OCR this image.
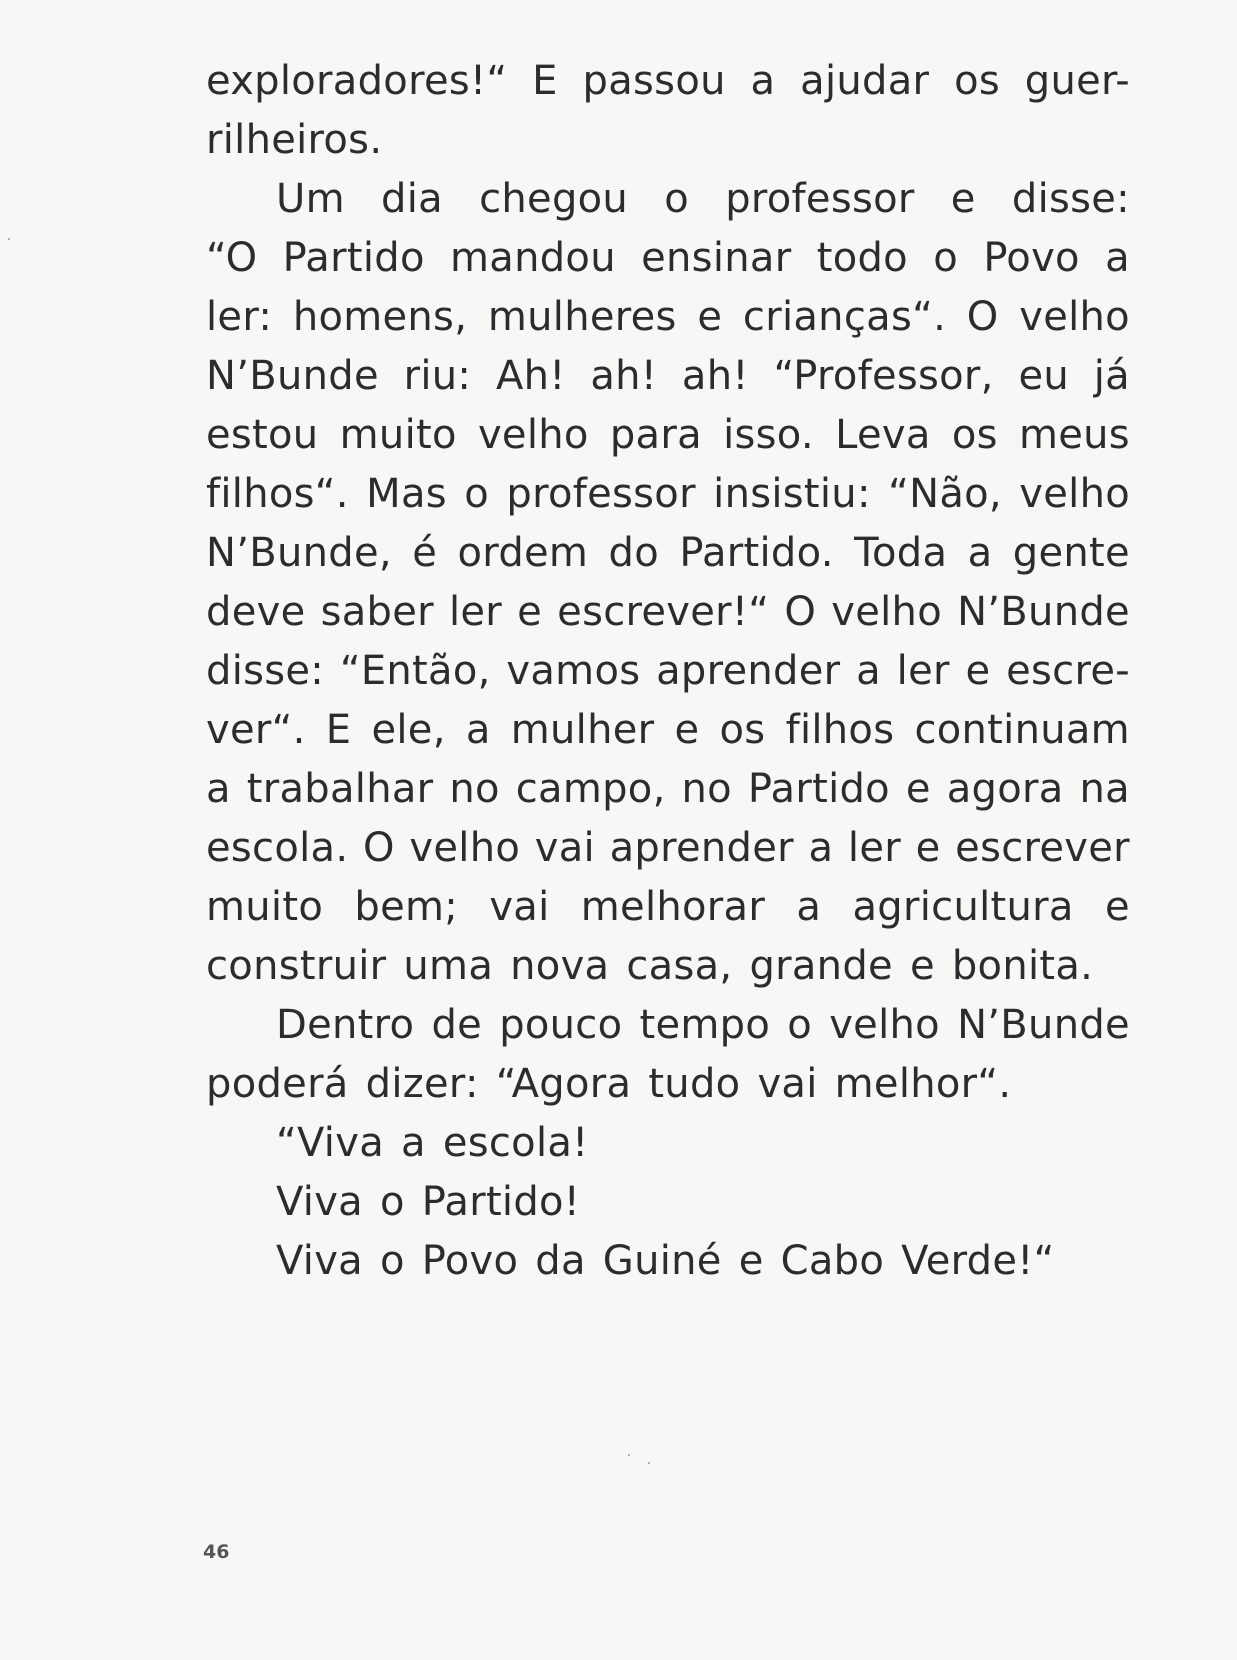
exploradores!“ E passou a ajudar os guer-
rilheiros.
Um dia chegou o professor e disse:
“O Partido mandou ensinar todo o Povo a
ler: homens, mulheres e crianças“. O velho
N’Bunde riu: Ah! ah! ah! “Professor, eu já
estou muito velho para isso. Leva os meus
filhos“. Mas o professor insistiu: “Não, velho
N’Bunde, é ordem do Partido. Toda a gente
deve saber ler e escrever!“ O velho N’Bunde
disse: “Então, vamos aprender a ler e escre-
ver“. E ele, a mulher e os filhos continuam
a trabalhar no campo, no Partido e agora na
escola. O velho vai aprender a ler e escrever
muito bem; vai melhorar a agricultura e
construir uma nova casa, grande e bonita.
Dentro de pouco tempo o velho N’Bunde
poderá dizer: “Agora tudo vai melhor“.
“Viva a escola!
Viva o Partido!
Viva o Povo da Guiné e Cabo Verde!“
46
